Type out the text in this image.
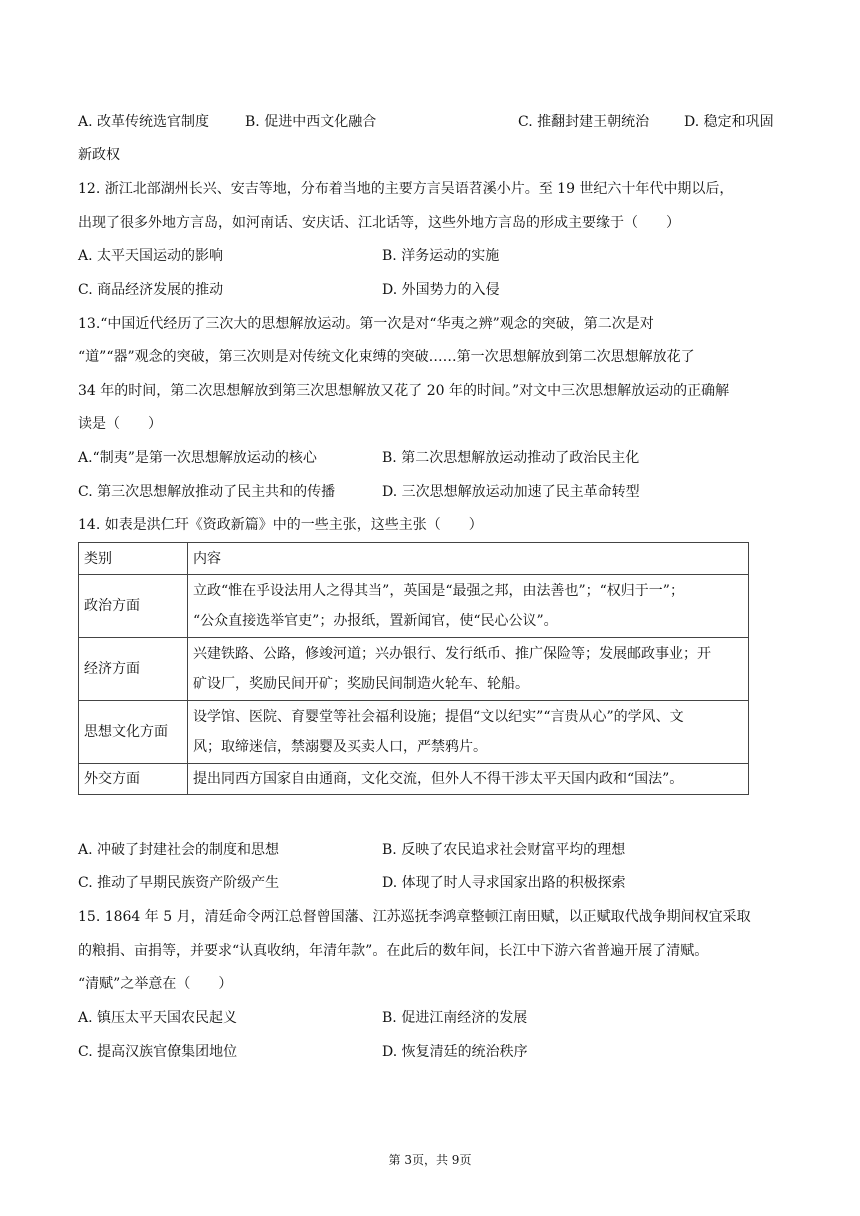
A. 改革传统选官制度	B. 促进中西文化融合	C. 推翻封建王朝统治 D. 稳定和巩固
新政权
12. 浙江北部湖州长兴、安吉等地，分布着当地的主要方言吴语苕溪小片。至 19 世纪六十年代中期以后，
出现了很多外地方言岛，如河南话、安庆话、江北话等，这些外地方言岛的形成主要缘于（　　）
A. 太平天国运动的影响	B. 洋务运动的实施
C. 商品经济发展的推动	D. 外国势力的入侵
13.“中国近代经历了三次大的思想解放运动。第一次是对“华夷之辨”观念的突破，第二次是对
“道”“器”观念的突破，第三次则是对传统文化束缚的突破……第一次思想解放到第二次思想解放花了
34 年的时间，第二次思想解放到第三次思想解放又花了 20 年的时间。”对文中三次思想解放运动的正确解
读是（　　）
A.“制夷”是第一次思想解放运动的核心	B. 第二次思想解放运动推动了政治民主化
C. 第三次思想解放推动了民主共和的传播	D. 三次思想解放运动加速了民主革命转型
14. 如表是洪仁玕《资政新篇》中的一些主张，这些主张（　　）
类别	内容
政治方面	立政“惟在乎设法用人之得其当”，英国是“最强之邦，由法善也”；“权归于一”；
“公众直接选举官吏”；办报纸，置新闻官，使“民心公议”。

经济方面	兴建铁路、公路，修竣河道；兴办银行、发行纸币、推广保险等；发展邮政事业；开
矿设厂，奖励民间开矿；奖励民间制造火轮车、轮船。

思想文化方面	设学馆、医院、育婴堂等社会福利设施；提倡“文以纪实”“言贵从心”的学风、文
风；取缔迷信，禁溺婴及买卖人口，严禁鸦片。

外交方面	提出同西方国家自由通商，文化交流，但外人不得干涉太平天国内政和“国法”。
A. 冲破了封建社会的制度和思想	B. 反映了农民追求社会财富平均的理想
C. 推动了早期民族资产阶级产生	D. 体现了时人寻求国家出路的积极探索
15. 1864 年 5 月，清廷命令两江总督曾国藩、江苏巡抚李鸿章整顿江南田赋，以正赋取代战争期间权宜采取
的粮捐、亩捐等，并要求“认真收纳，年清年款”。在此后的数年间，长江中下游六省普遍开展了清赋。
“清赋”之举意在（　　）
A. 镇压太平天国农民起义	B. 促进江南经济的发展
C. 提高汉族官僚集团地位	D. 恢复清廷的统治秩序
第 3页，共 9页
